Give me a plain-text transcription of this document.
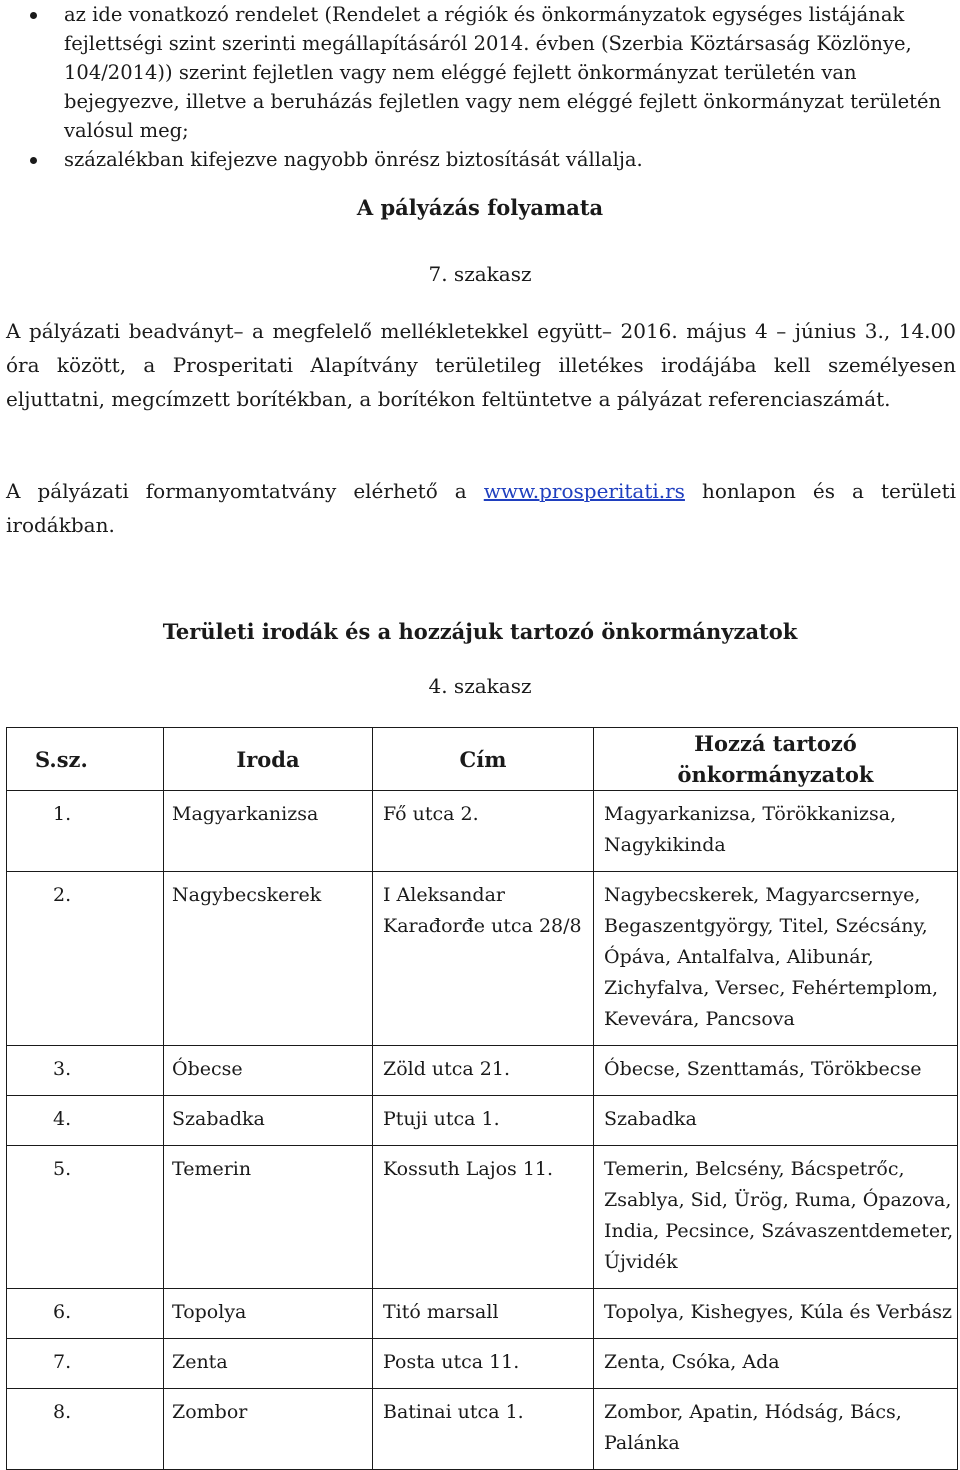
az ide vonatkozó rendelet (Rendelet a régiók és önkormányzatok egységes listájának fejlettségi szint szerinti megállapításáról 2014. évben (Szerbia Köztársaság Közlönye, 104/2014)) szerint fejletlen vagy nem eléggé fejlett önkormányzat területén van bejegyezve, illetve a beruházás fejletlen vagy nem eléggé fejlett önkormányzat területén valósul meg;
százalékban kifejezve nagyobb önrész biztosítását vállalja.
A pályázás folyamata
7. szakasz

A pályázati beadványt– a megfelelő mellékletekkel együtt– 2016. május 4 – június 3., 14.00 óra között, a Prosperitati Alapítvány területileg illetékes irodájába kell személyesen eljuttatni, megcímzett borítékban, a borítékon feltüntetve a pályázat referenciaszámát.

A pályázati formanyomtatvány elérhető a www.prosperitati.rs honlapon és a területi irodákban.

Területi irodák és a hozzájuk tartozó önkormányzatok
4. szakasz
S.sz.	Iroda	Cím	Hozzá tartozó önkormányzatok
1.	Magyarkanizsa	Fő utca 2.	Magyarkanizsa, Törökkanizsa, Nagykikinda
2.	Nagybecskerek	I Aleksandar Karađorđe utca 28/8	Nagybecskerek, Magyarcsernye, Begaszentgyörgy, Titel, Szécsány, Ópáva, Antalfalva, Alibunár, Zichyfalva, Versec, Fehértemplom, Kevevára, Pancsova
3.	Óbecse	Zöld utca 21.	Óbecse, Szenttamás, Törökbecse
4.	Szabadka	Ptuji utca 1.	Szabadka
5.	Temerin	Kossuth Lajos 11.	Temerin, Belcsény, Bácspetrőc, Zsablya, Sid, Ürög, Ruma, Ópazova, India, Pecsince, Szávaszentdemeter, Újvidék
6.	Topolya	Titó marsall	Topolya, Kishegyes, Kúla és Verbász
7.	Zenta	Posta utca 11.	Zenta, Csóka, Ada
8.	Zombor	Batinai utca 1.	Zombor, Apatin, Hódság, Bács, Palánka
